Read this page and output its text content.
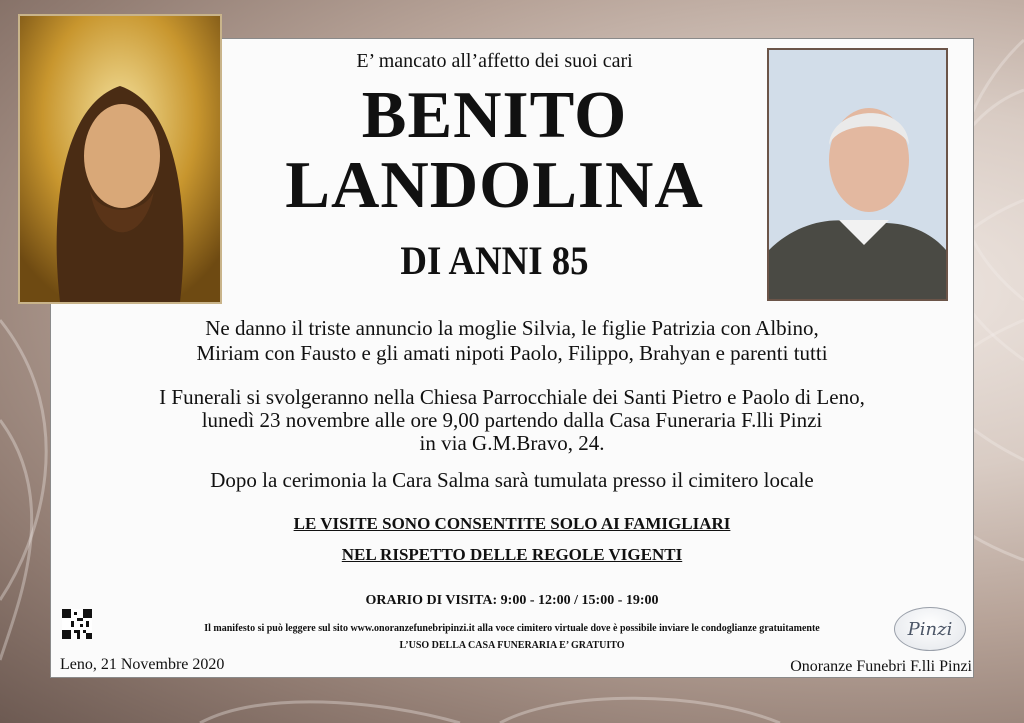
E’ mancato all’affetto dei suoi cari
BENITO
LANDOLINA
DI ANNI 85
Ne danno il triste annuncio la moglie Silvia, le figlie Patrizia con Albino,
Miriam con Fausto e gli amati nipoti Paolo, Filippo, Brahyan e parenti tutti
I Funerali si svolgeranno nella Chiesa Parrocchiale dei Santi Pietro e Paolo di Leno,
lunedì 23 novembre alle ore 9,00 partendo dalla Casa Funeraria F.lli Pinzi
in via G.M.Bravo, 24.
Dopo la cerimonia la Cara Salma sarà tumulata presso il cimitero locale
LE VISITE SONO CONSENTITE SOLO AI FAMIGLIARI
NEL RISPETTO DELLE REGOLE VIGENTI
ORARIO DI VISITA: 9:00 - 12:00 / 15:00 - 19:00
Il manifesto si può leggere sul sito www.onoranzefunebripinzi.it alla voce cimitero virtuale dove è possibile inviare le condoglianze gratuitamente
L’USO DELLA CASA FUNERARIA E’ GRATUITO
Pinzi
Leno, 21 Novembre 2020	Onoranze Funebri F.lli Pinzi
